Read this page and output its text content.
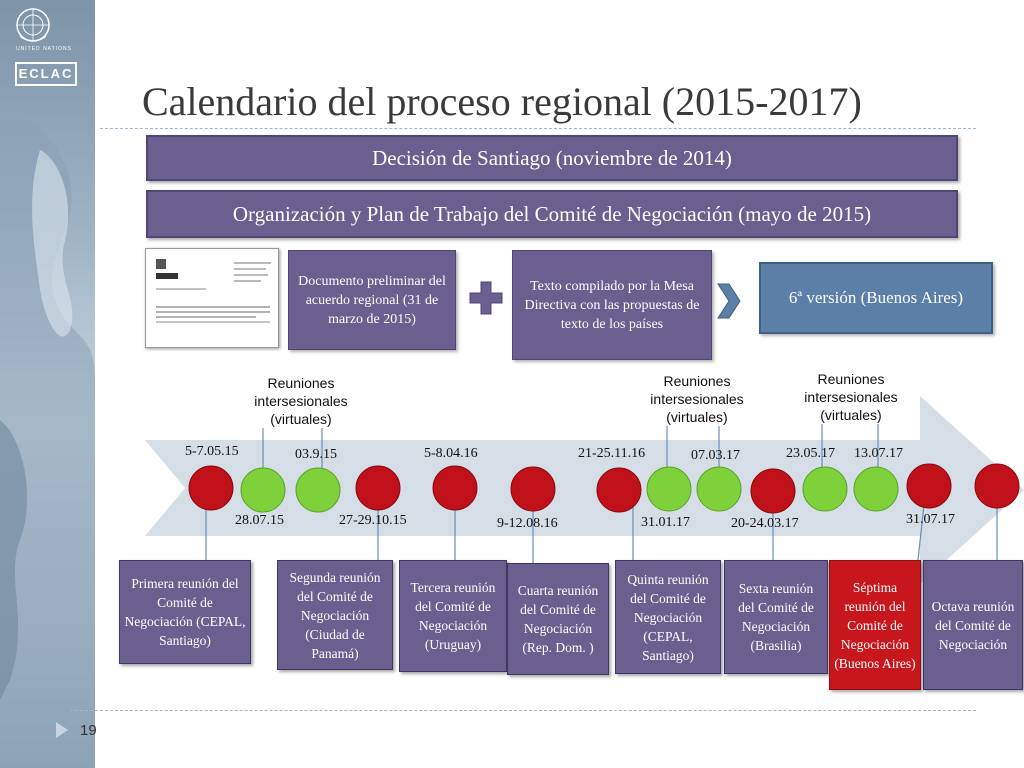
UNITED NATIONS
ECLAC
Calendario del proceso regional (2015-2017)
Decisión de Santiago (noviembre de 2014)
Organización y Plan de Trabajo del Comité de Negociación (mayo de 2015)
Documento preliminar del acuerdo regional (31 de marzo de 2015)
Texto compilado por la Mesa Directiva con las propuestas de texto de los países
6ª versión (Buenos Aires)
Reuniones intersesionales (virtuales)
Reuniones intersesionales (virtuales)
Reuniones intersesionales (virtuales)
5-7.05.15	03.9.15	5-8.04.16	21-25.11.16	07.03.17	23.05.17 13.07.17
28.07.15	27-29.10.15	9-12.08.16	31.01.17	20-24.03.17	31.07.17
Primera reunión del Comité de Negociación (CEPAL, Santiago)
Segunda reunión del Comité de Negociación (Ciudad de Panamá)
Tercera reunión del Comité de Negociación (Uruguay)
Cuarta reunión del Comité de Negociación (Rep. Dom. )
Quinta reunión del Comité de Negociación (CEPAL, Santiago)
Sexta reunión del Comité de Negociación (Brasilia)
Séptima reunión del Comité de Negociación (Buenos Aires)
Octava reunión del Comité de Negociación
19
